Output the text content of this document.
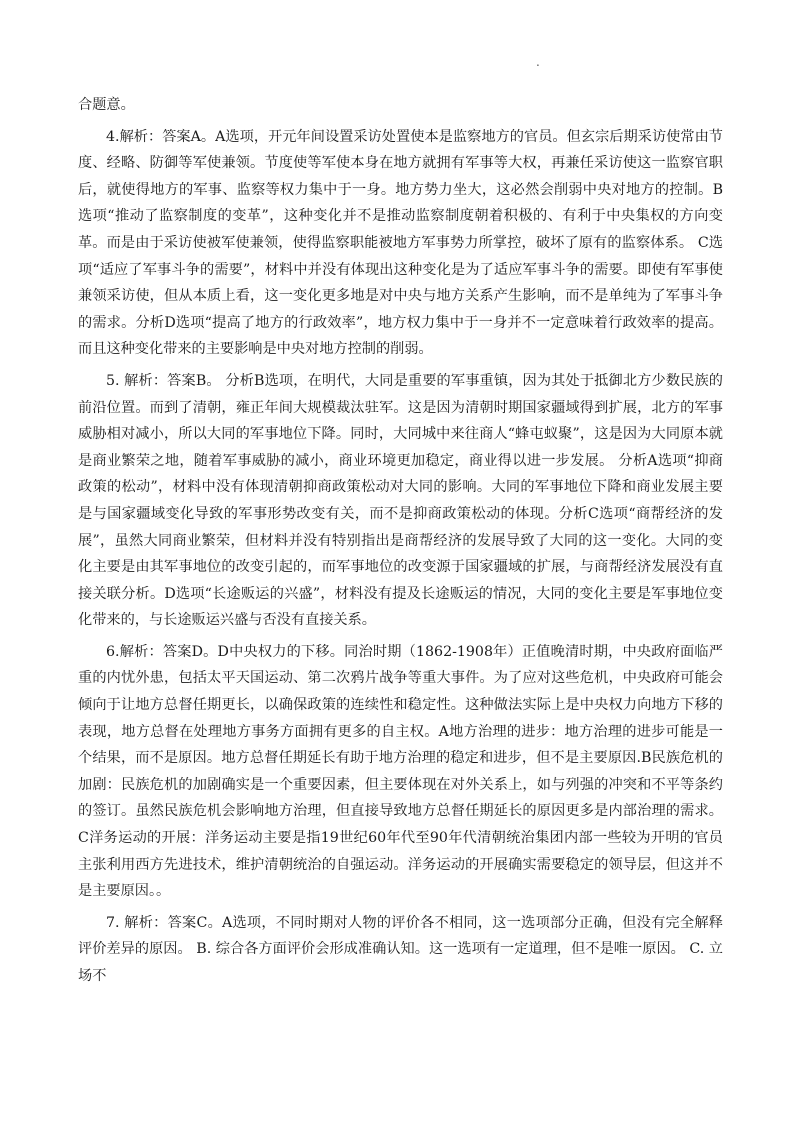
.

合题意。

4.解析：答案A。A选项，开元年间设置采访处置使本是监察地方的官员。但玄宗后期采访使常由节度、经略、防御等军使兼领。节度使等军使本身在地方就拥有军事等大权，再兼任采访使这一监察官职后，就使得地方的军事、监察等权力集中于一身。地方势力坐大，这必然会削弱中央对地方的控制。B选项“推动了监察制度的变革”，这种变化并不是推动监察制度朝着积极的、有利于中央集权的方向变革。而是由于采访使被军使兼领，使得监察职能被地方军事势力所掌控，破坏了原有的监察体系。 C选项“适应了军事斗争的需要”，材料中并没有体现出这种变化是为了适应军事斗争的需要。即使有军事使兼领采访使，但从本质上看，这一变化更多地是对中央与地方关系产生影响，而不是单纯为了军事斗争的需求。分析D选项“提高了地方的行政效率”，地方权力集中于一身并不一定意味着行政效率的提高。而且这种变化带来的主要影响是中央对地方控制的削弱。

5. 解析：答案B。 分析B选项，在明代，大同是重要的军事重镇，因为其处于抵御北方少数民族的前沿位置。而到了清朝，雍正年间大规模裁汰驻军。这是因为清朝时期国家疆域得到扩展，北方的军事威胁相对减小，所以大同的军事地位下降。同时，大同城中来往商人“蜂屯蚁聚”，这是因为大同原本就是商业繁荣之地，随着军事威胁的减小，商业环境更加稳定，商业得以进一步发展。 分析A选项“抑商政策的松动”，材料中没有体现清朝抑商政策松动对大同的影响。大同的军事地位下降和商业发展主要是与国家疆域变化导致的军事形势改变有关，而不是抑商政策松动的体现。分析C选项“商帮经济的发展”，虽然大同商业繁荣，但材料并没有特别指出是商帮经济的发展导致了大同的这一变化。大同的变化主要是由其军事地位的改变引起的，而军事地位的改变源于国家疆域的扩展，与商帮经济发展没有直接关联分析。D选项“长途贩运的兴盛”，材料没有提及长途贩运的情况，大同的变化主要是军事地位变化带来的，与长途贩运兴盛与否没有直接关系。

6.解析：答案D。D中央权力的下移。同治时期（1862-1908年）正值晚清时期，中央政府面临严重的内忧外患，包括太平天国运动、第二次鸦片战争等重大事件。为了应对这些危机，中央政府可能会倾向于让地方总督任期更长，以确保政策的连续性和稳定性。这种做法实际上是中央权力向地方下移的表现，地方总督在处理地方事务方面拥有更多的自主权。A地方治理的进步：地方治理的进步可能是一个结果，而不是原因。地方总督任期延长有助于地方治理的稳定和进步，但不是主要原因.B民族危机的加剧：民族危机的加剧确实是一个重要因素，但主要体现在对外关系上，如与列强的冲突和不平等条约的签订。虽然民族危机会影响地方治理，但直接导致地方总督任期延长的原因更多是内部治理的需求。C洋务运动的开展：洋务运动主要是指19世纪60年代至90年代清朝统治集团内部一些较为开明的官员主张利用西方先进技术，维护清朝统治的自强运动。洋务运动的开展确实需要稳定的领导层，但这并不是主要原因。。

7. 解析：答案C。A选项，不同时期对人物的评价各不相同，这一选项部分正确，但没有完全解释评价差异的原因。 B. 综合各方面评价会形成准确认知。这一选项有一定道理，但不是唯一原因。 C. 立场不
